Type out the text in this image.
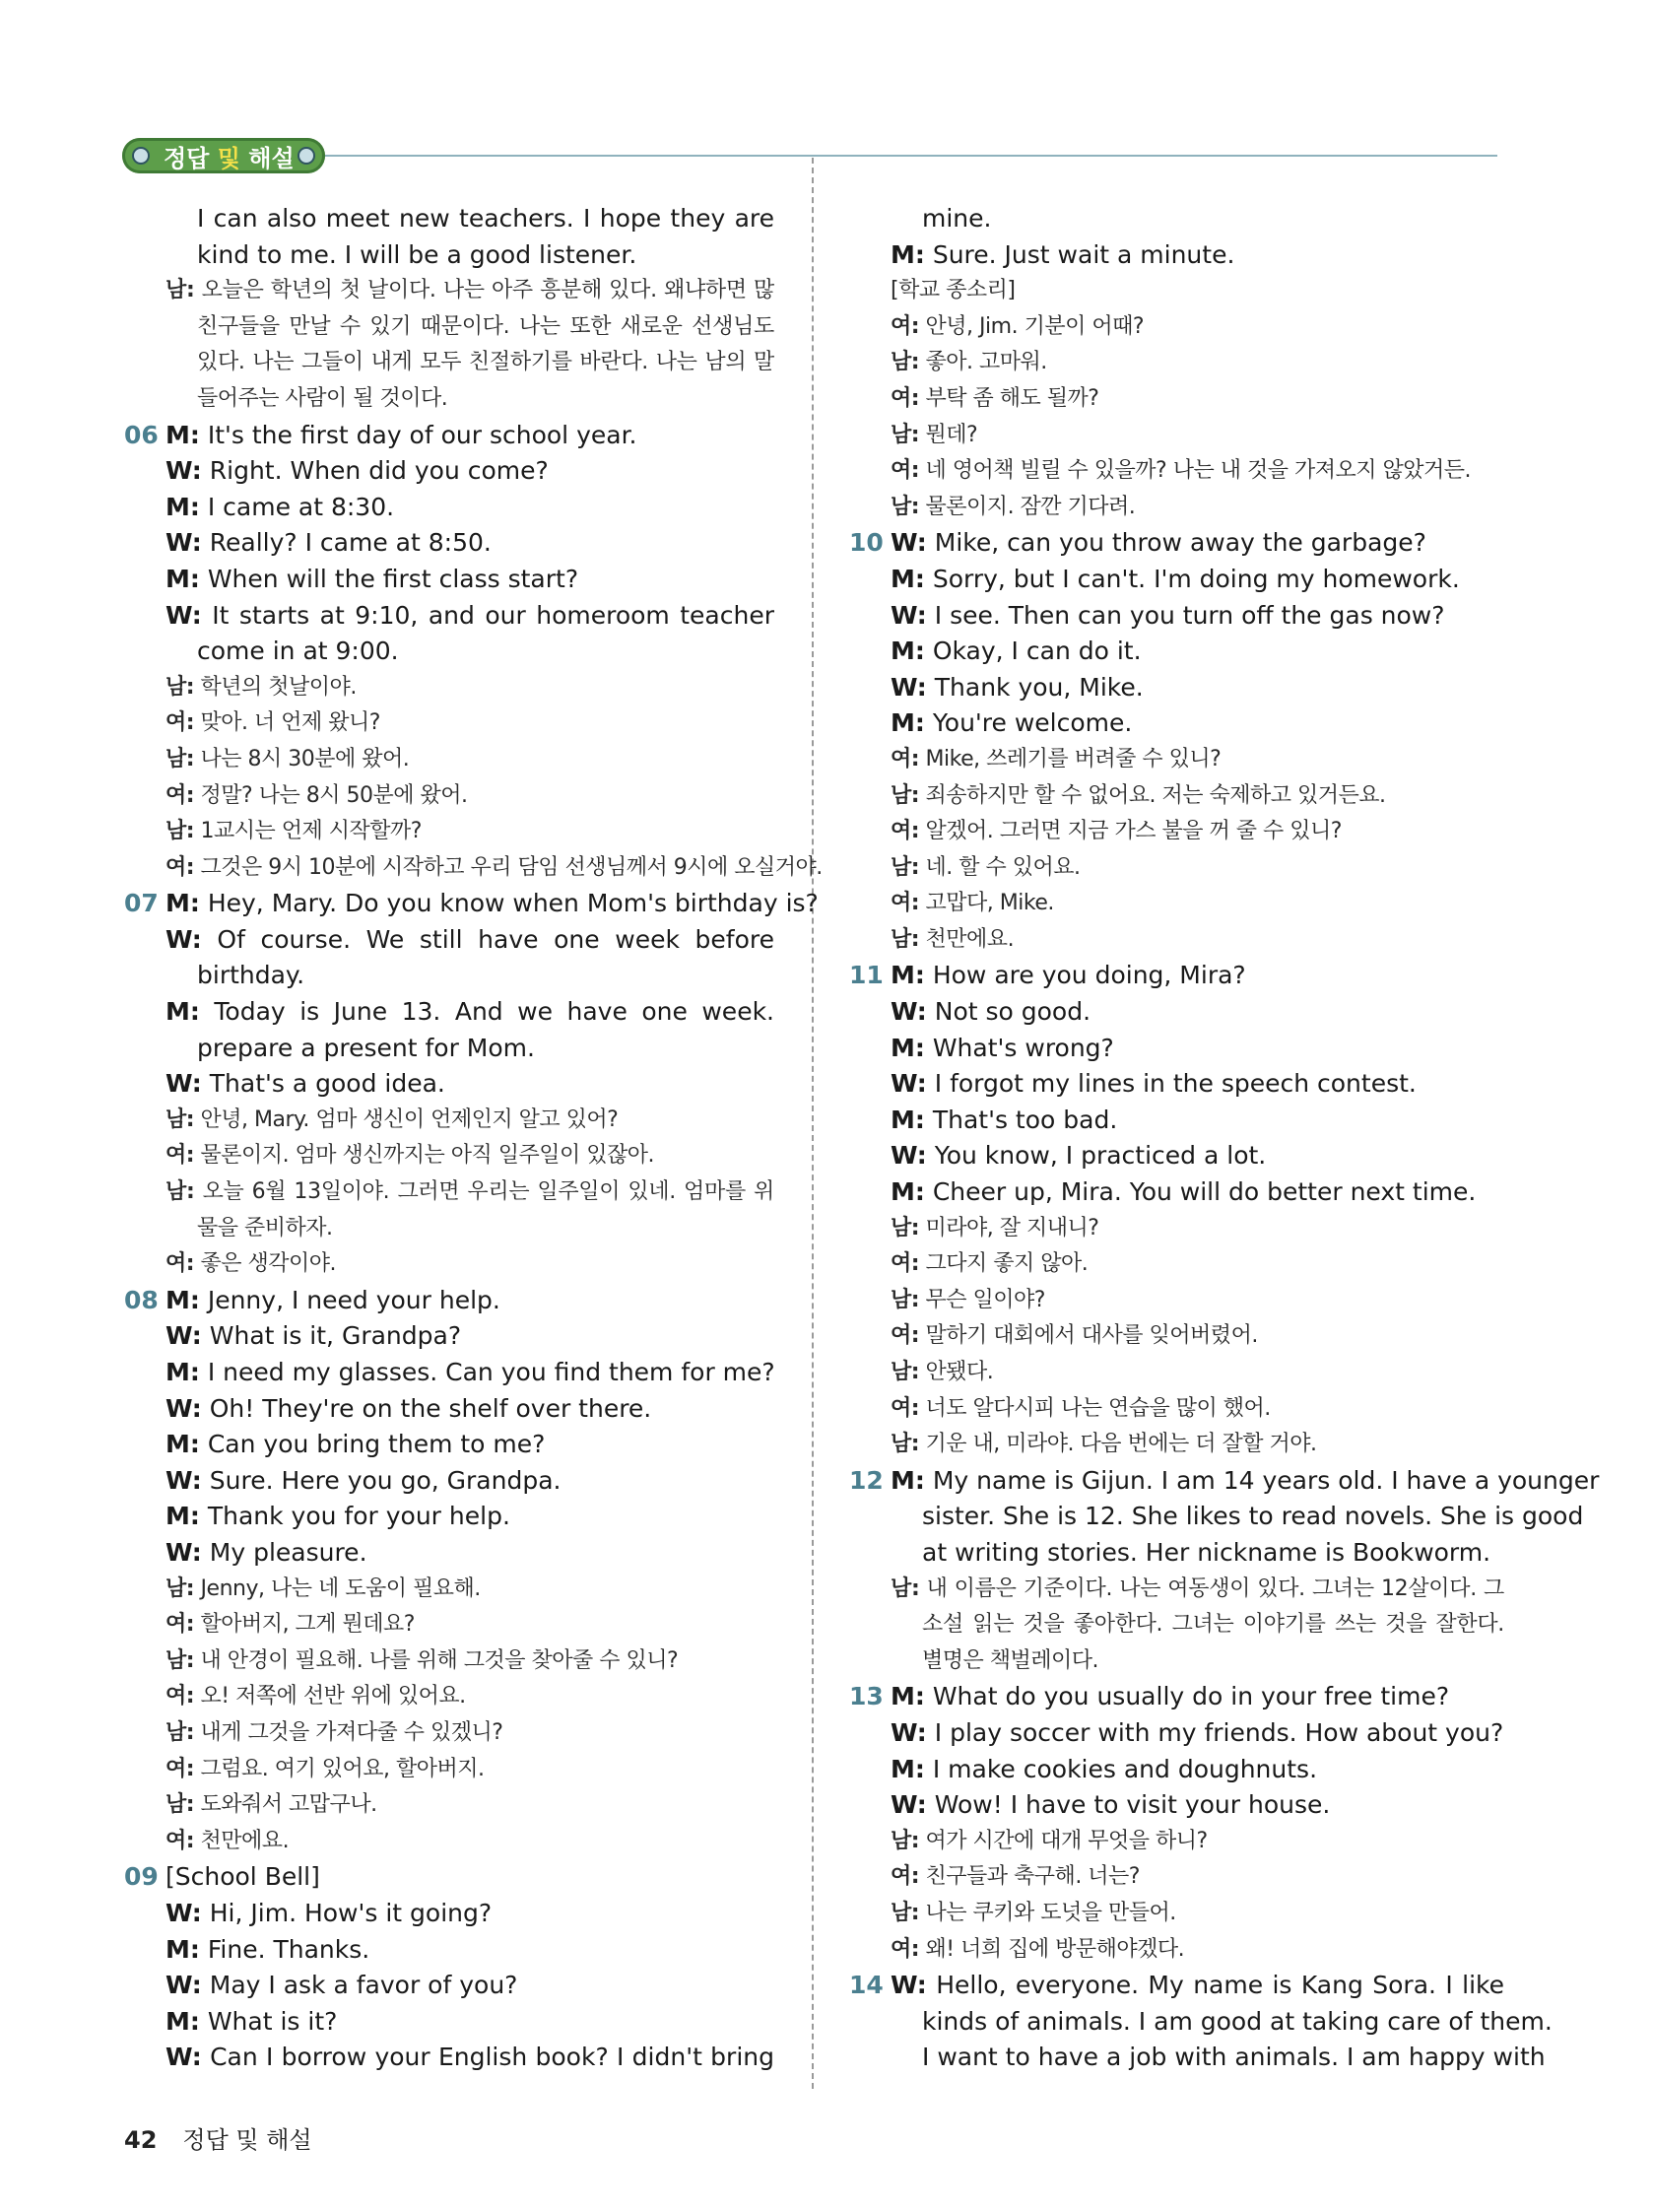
정답 및 해설
I can also meet new teachers. I hope they are
kind to me. I will be a good listener.
남: 오늘은 학년의 첫 날이다. 나는 아주 흥분해 있다. 왜냐하면 많
친구들을 만날 수 있기 때문이다. 나는 또한 새로운 선생님도
있다. 나는 그들이 내게 모두 친절하기를 바란다. 나는 남의 말
들어주는 사람이 될 것이다.
06 M: It's the first day of our school year.
W: Right. When did you come?
M: I came at 8:30.
W: Really? I came at 8:50.
M: When will the first class start?
W: It starts at 9:10, and our homeroom teacher
come in at 9:00.
남: 학년의 첫날이야.
여: 맞아. 너 언제 왔니?
남: 나는 8시 30분에 왔어.
여: 정말? 나는 8시 50분에 왔어.
남: 1교시는 언제 시작할까?
여: 그것은 9시 10분에 시작하고 우리 담임 선생님께서 9시에 오실거야.
07 M: Hey, Mary. Do you know when Mom's birthday is?
W: Of course. We still have one week before
birthday.
M: Today is June 13. And we have one week.
prepare a present for Mom.
W: That's a good idea.
남: 안녕, Mary. 엄마 생신이 언제인지 알고 있어?
여: 물론이지. 엄마 생신까지는 아직 일주일이 있잖아.
남: 오늘 6월 13일이야. 그러면 우리는 일주일이 있네. 엄마를 위
물을 준비하자.
여: 좋은 생각이야.
08 M: Jenny, I need your help.
W: What is it, Grandpa?
M: I need my glasses. Can you find them for me?
W: Oh! They're on the shelf over there.
M: Can you bring them to me?
W: Sure. Here you go, Grandpa.
M: Thank you for your help.
W: My pleasure.
남: Jenny, 나는 네 도움이 필요해.
여: 할아버지, 그게 뭔데요?
남: 내 안경이 필요해. 나를 위해 그것을 찾아줄 수 있니?
여: 오! 저쪽에 선반 위에 있어요.
남: 내게 그것을 가져다줄 수 있겠니?
여: 그럼요. 여기 있어요, 할아버지.
남: 도와줘서 고맙구나.
여: 천만에요.
09 [School Bell]
W: Hi, Jim. How's it going?
M: Fine. Thanks.
W: May I ask a favor of you?
M: What is it?
W: Can I borrow your English book? I didn't bring
mine.
M: Sure. Just wait a minute.
[학교 종소리]
여: 안녕, Jim. 기분이 어때?
남: 좋아. 고마워.
여: 부탁 좀 해도 될까?
남: 뭔데?
여: 네 영어책 빌릴 수 있을까? 나는 내 것을 가져오지 않았거든.
남: 물론이지. 잠깐 기다려.
10 W: Mike, can you throw away the garbage?
M: Sorry, but I can't. I'm doing my homework.
W: I see. Then can you turn off the gas now?
M: Okay, I can do it.
W: Thank you, Mike.
M: You're welcome.
여: Mike, 쓰레기를 버려줄 수 있니?
남: 죄송하지만 할 수 없어요. 저는 숙제하고 있거든요.
여: 알겠어. 그러면 지금 가스 불을 꺼 줄 수 있니?
남: 네. 할 수 있어요.
여: 고맙다, Mike.
남: 천만에요.
11 M: How are you doing, Mira?
W: Not so good.
M: What's wrong?
W: I forgot my lines in the speech contest.
M: That's too bad.
W: You know, I practiced a lot.
M: Cheer up, Mira. You will do better next time.
남: 미라야, 잘 지내니?
여: 그다지 좋지 않아.
남: 무슨 일이야?
여: 말하기 대회에서 대사를 잊어버렸어.
남: 안됐다.
여: 너도 알다시피 나는 연습을 많이 했어.
남: 기운 내, 미라야. 다음 번에는 더 잘할 거야.
12 M: My name is Gijun. I am 14 years old. I have a younger
sister. She is 12. She likes to read novels. She is good
at writing stories. Her nickname is Bookworm.
남: 내 이름은 기준이다. 나는 여동생이 있다. 그녀는 12살이다. 그
소설 읽는 것을 좋아한다. 그녀는 이야기를 쓰는 것을 잘한다.
별명은 책벌레이다.
13 M: What do you usually do in your free time?
W: I play soccer with my friends. How about you?
M: I make cookies and doughnuts.
W: Wow! I have to visit your house.
남: 여가 시간에 대개 무엇을 하니?
여: 친구들과 축구해. 너는?
남: 나는 쿠키와 도넛을 만들어.
여: 왜! 너희 집에 방문해야겠다.
14 W: Hello, everyone. My name is Kang Sora. I like
kinds of animals. I am good at taking care of them.
I want to have a job with animals. I am happy with
42 정답 및 해설
